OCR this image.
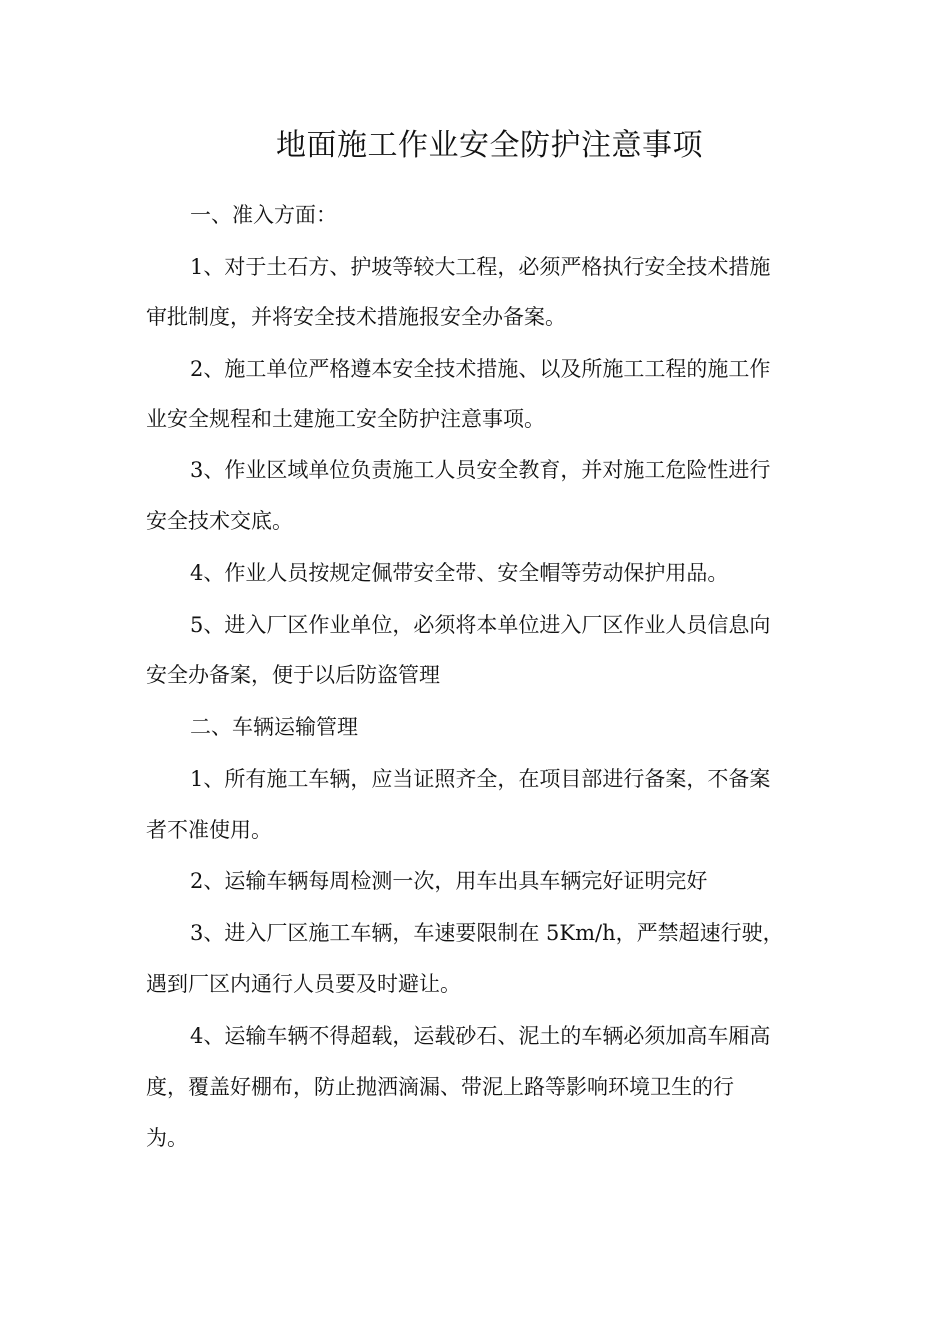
地面施工作业安全防护注意事项
一、准入方面：
1、对于土石方、护坡等较大工程，必须严格执行安全技术措施
审批制度，并将安全技术措施报安全办备案。
2、施工单位严格遵本安全技术措施、以及所施工工程的施工作
业安全规程和土建施工安全防护注意事项。
3、作业区域单位负责施工人员安全教育，并对施工危险性进行
安全技术交底。
4、作业人员按规定佩带安全带、安全帽等劳动保护用品。
5、进入厂区作业单位，必须将本单位进入厂区作业人员信息向
安全办备案，便于以后防盗管理
二、车辆运输管理
1、所有施工车辆，应当证照齐全，在项目部进行备案，不备案
者不准使用。
2、运输车辆每周检测一次，用车出具车辆完好证明完好
3、进入厂区施工车辆，车速要限制在 5Km/h，严禁超速行驶，
遇到厂区内通行人员要及时避让。
4、运输车辆不得超载，运载砂石、泥土的车辆必须加高车厢高
度，覆盖好棚布，防止抛洒滴漏、带泥上路等影响环境卫生的行
为。
